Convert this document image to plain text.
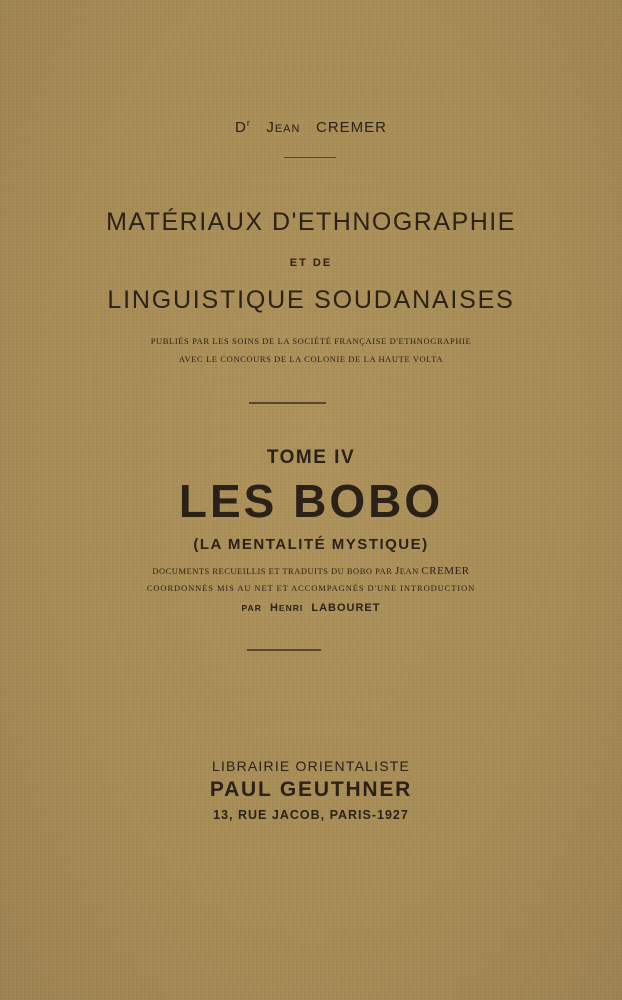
$D^r$ JEAN CREMER
MATÉRIAUX D'ETHNOGRAPHIE
ET DE
LINGUISTIQUE SOUDANAISES
PUBLIÉS PAR LES SOINS DE LA SOCIÉTÉ FRANÇAISE D'ETHNOGRAPHIE
AVEC LE CONCOURS DE LA COLONIE DE LA HAUTE VOLTA
TOME IV
LES BOBO
(LA MENTALITÉ MYSTIQUE)
DOCUMENTS RECUEILLIS ET TRADUITS DU BOBO PAR JEAN CREMER
COORDONNÉS MIS AU NET ET ACCOMPAGNÉS D'UNE INTRODUCTION
PAR HENRI LABOURET
LIBRAIRIE ORIENTALISTE
PAUL GEUTHNER
13, RUE JACOB, PARIS-1927
